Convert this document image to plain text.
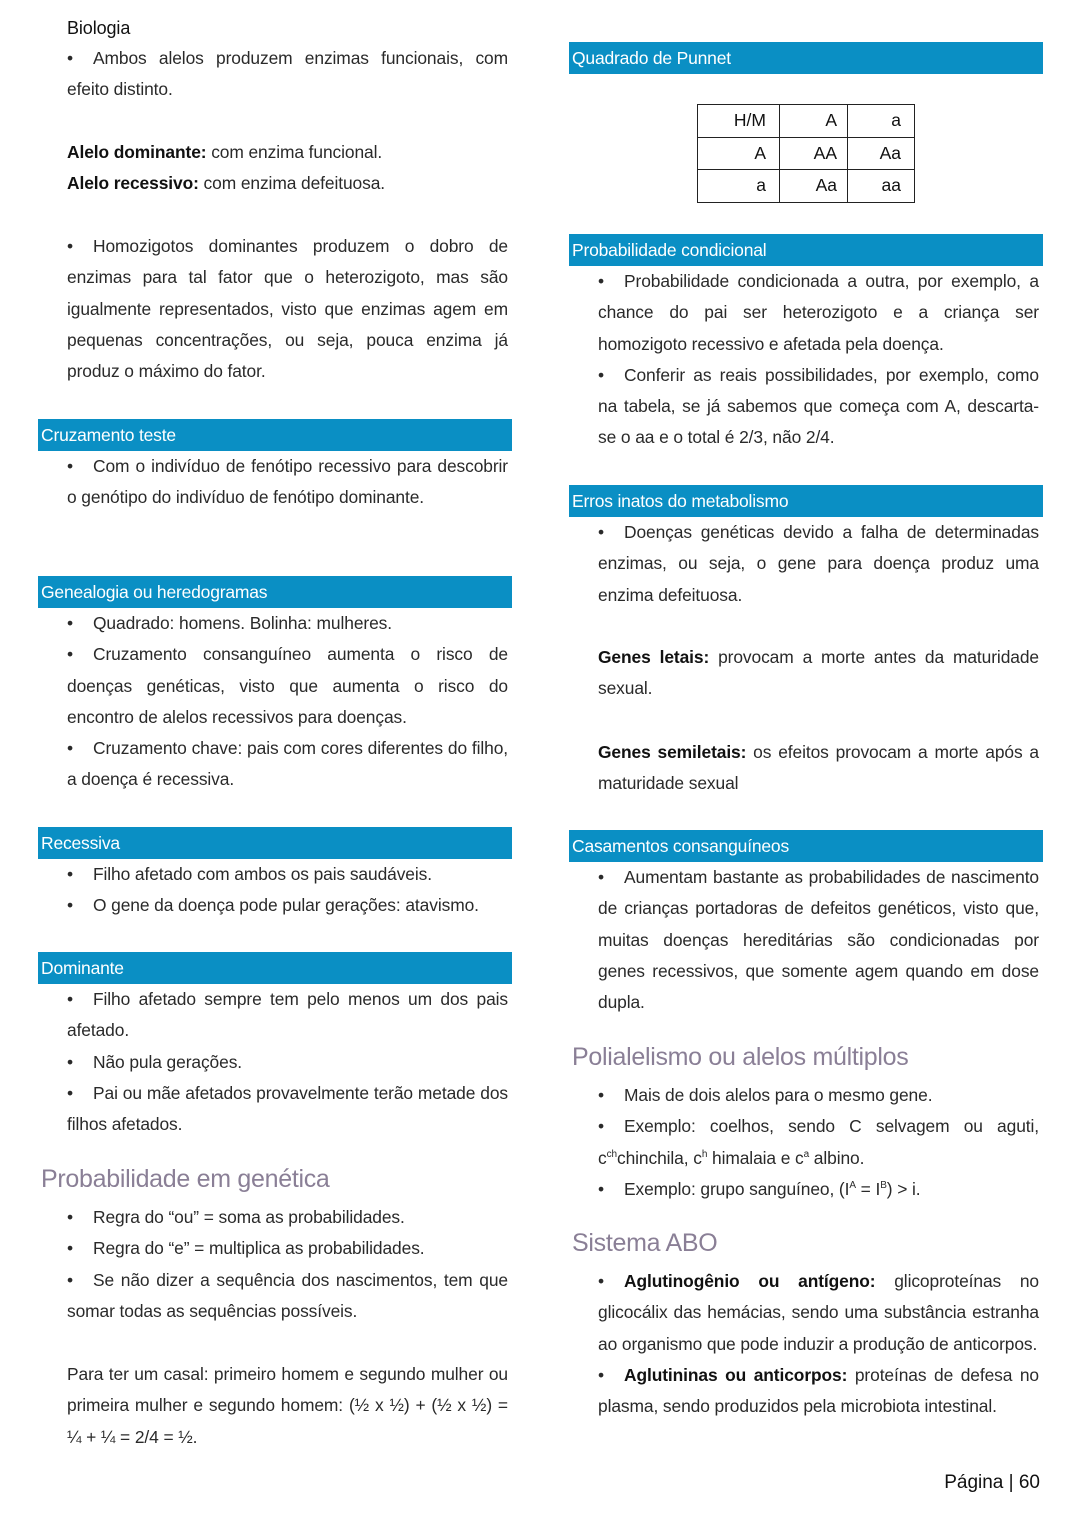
Biologia
• Ambos alelos produzem enzimas funcionais, com efeito distinto.
Alelo dominante: com enzima funcional.
Alelo recessivo: com enzima defeituosa.
• Homozigotos dominantes produzem o dobro de enzimas para tal fator que o heterozigoto, mas são igualmente representados, visto que enzimas agem em pequenas concentrações, ou seja, pouca enzima já produz o máximo do fator.
Cruzamento teste
• Com o indivíduo de fenótipo recessivo para descobrir o genótipo do indivíduo de fenótipo dominante.
Genealogia ou heredogramas
• Quadrado: homens. Bolinha: mulheres.
• Cruzamento consanguíneo aumenta o risco de doenças genéticas, visto que aumenta o risco do encontro de alelos recessivos para doenças.
• Cruzamento chave: pais com cores diferentes do filho, a doença é recessiva.
Recessiva
• Filho afetado com ambos os pais saudáveis.
• O gene da doença pode pular gerações: atavismo.
Dominante
• Filho afetado sempre tem pelo menos um dos pais afetado.
• Não pula gerações.
• Pai ou mãe afetados provavelmente terão metade dos filhos afetados.
Probabilidade em genética
• Regra do “ou” = soma as probabilidades.
• Regra do “e” = multiplica as probabilidades.
• Se não dizer a sequência dos nascimentos, tem que somar todas as sequências possíveis.
Para ter um casal: primeiro homem e segundo mulher ou primeira mulher e segundo homem: (½ x ½) + (½ x ½) = ¼ + ¼ = 2/4 = ½.
Quadrado de Punnet
H/M	A	a
A	AA	Aa
a	Aa	aa
Probabilidade condicional
• Probabilidade condicionada a outra, por exemplo, a chance do pai ser heterozigoto e a criança ser homozigoto recessivo e afetada pela doença.
• Conferir as reais possibilidades, por exemplo, como na tabela, se já sabemos que começa com A, descarta-se o aa e o total é 2/3, não 2/4.
Erros inatos do metabolismo
• Doenças genéticas devido a falha de determinadas enzimas, ou seja, o gene para doença produz uma enzima defeituosa.
Genes letais: provocam a morte antes da maturidade sexual.
Genes semiletais: os efeitos provocam a morte após a maturidade sexual
Casamentos consanguíneos
• Aumentam bastante as probabilidades de nascimento de crianças portadoras de defeitos genéticos, visto que, muitas doenças hereditárias são condicionadas por genes recessivos, que somente agem quando em dose dupla.
Polialelismo ou alelos múltiplos
• Mais de dois alelos para o mesmo gene.
• Exemplo: coelhos, sendo C selvagem ou aguti, $c^{ch}chinchila$, $c^h$ himalaia e $c^a$ albino.
• Exemplo: grupo sanguíneo, $(I^A = I^B) > i$.
Sistema ABO
• Aglutinogênio ou antígeno: glicoproteínas no glicocálix das hemácias, sendo uma substância estranha ao organismo que pode induzir a produção de anticorpos.
• Aglutininas ou anticorpos: proteínas de defesa no plasma, sendo produzidos pela microbiota intestinal.
Página | 60
